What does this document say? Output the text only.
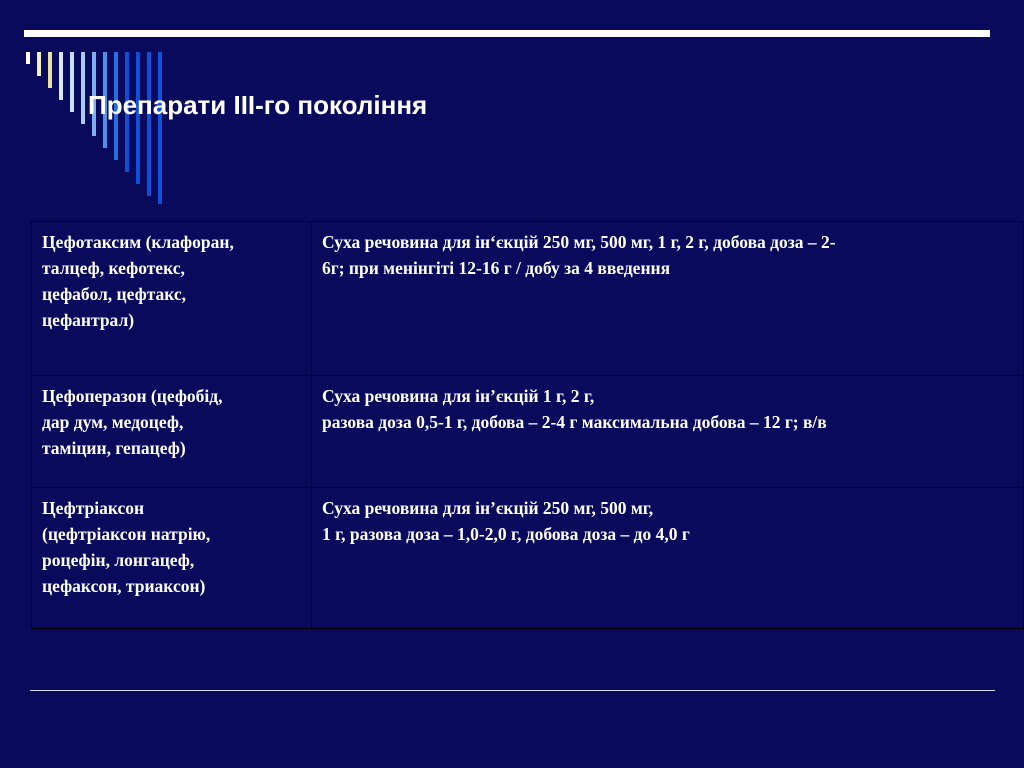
Препарати ІІІ-го покоління
Цефотаксим (клафоран,
талцеф, кефотекс,
цефабол, цефтакс,
цефантрал)	Суха речовина для ін‘єкцій 250 мг, 500 мг, 1 г, 2 г, добова доза – 2-
6г; при менінгіті 12-16 г / добу за 4 введення

Цефоперазон (цефобід,
дар дум, медоцеф,
таміцин, гепацеф)	Суха речовина для ін’єкцій 1 г, 2 г,
разова доза 0,5-1 г, добова – 2-4 г максимальна добова – 12 г; в/в

Цефтріаксон
(цефтріаксон натрію,
роцефін, лонгацеф,
цефаксон, триаксон)	Суха речовина для ін’єкцій 250 мг, 500 мг,
1 г, разова доза – 1,0-2,0 г, добова доза – до 4,0 г
